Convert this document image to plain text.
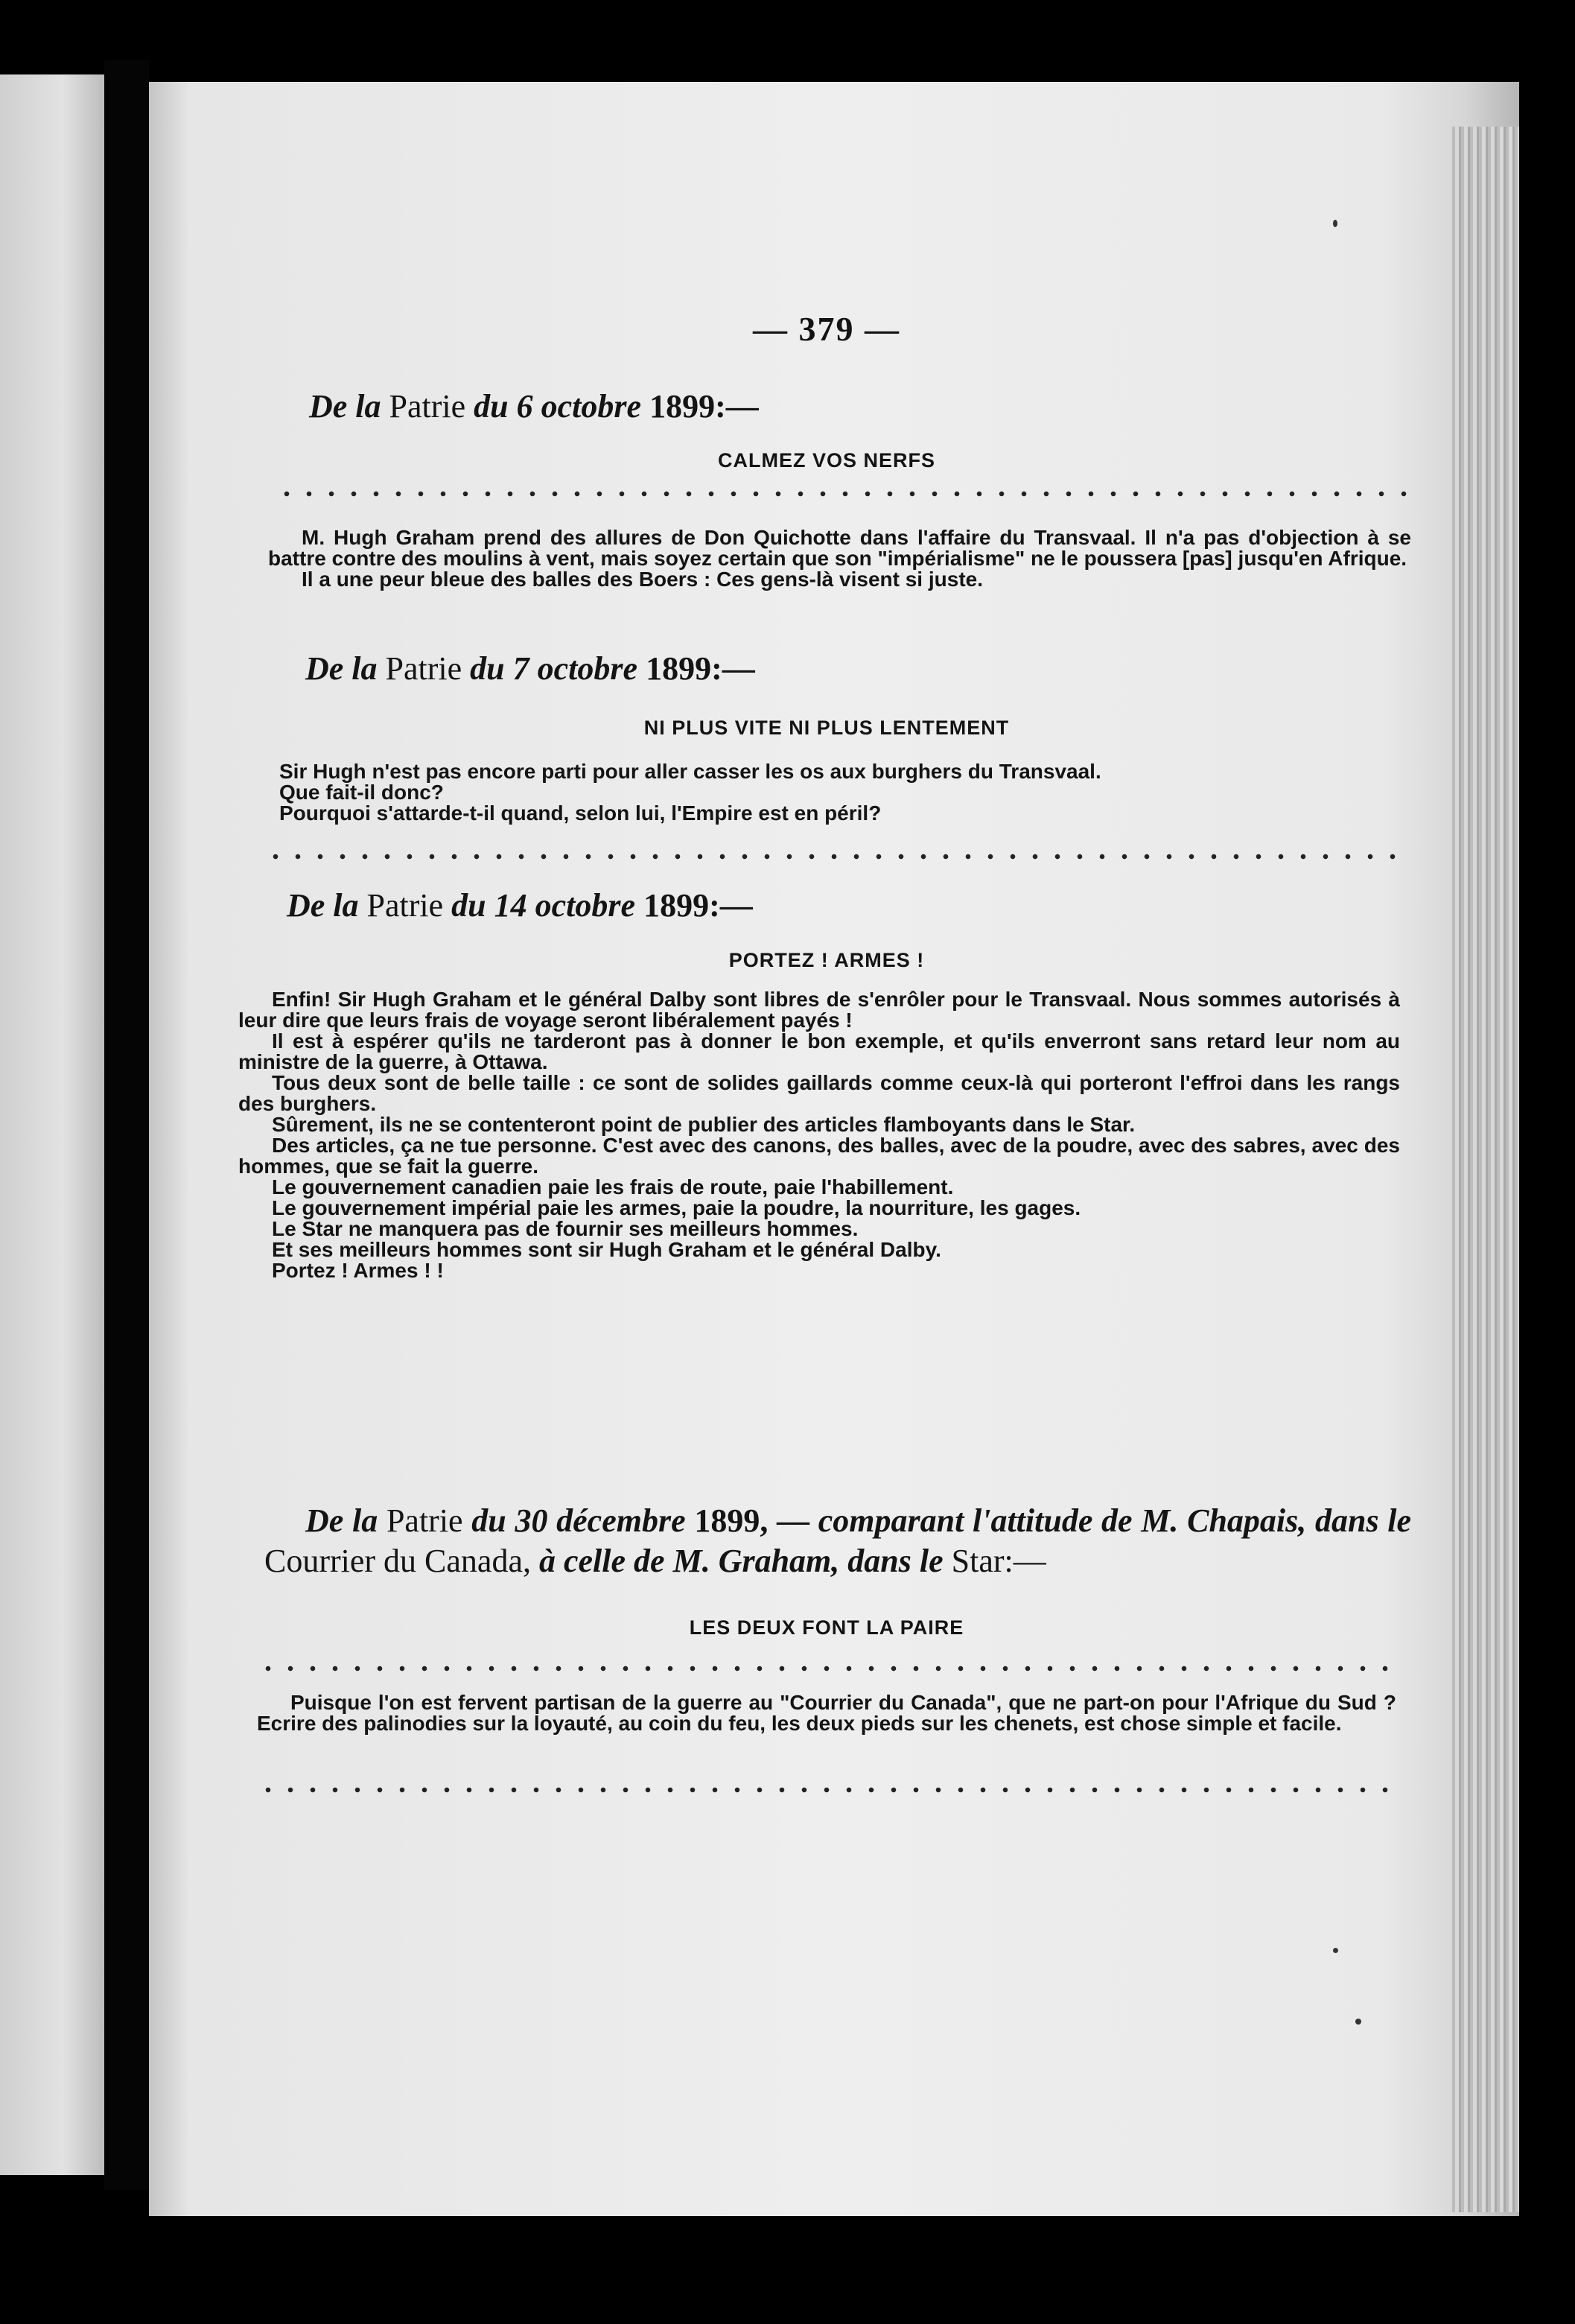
— 379 —
De la Patrie du 6 octobre 1899:—
CALMEZ VOS NERFS

M. Hugh Graham prend des allures de Don Quichotte dans l'affaire du Transvaal. Il n'a pas d'objection à se battre contre des moulins à vent, mais soyez certain que son "impérialisme" ne le poussera [pas] jusqu'en Afrique.

Il a une peur bleue des balles des Boers : Ces gens-là visent si juste.

De la Patrie du 7 octobre 1899:—
NI PLUS VITE NI PLUS LENTEMENT

Sir Hugh n'est pas encore parti pour aller casser les os aux burghers du Transvaal.

Que fait-il donc?

Pourquoi s'attarde-t-il quand, selon lui, l'Empire est en péril?

De la Patrie du 14 octobre 1899:—
PORTEZ ! ARMES !

Enfin! Sir Hugh Graham et le général Dalby sont libres de s'enrôler pour le Transvaal. Nous sommes autorisés à leur dire que leurs frais de voyage seront libéralement payés !

Il est à espérer qu'ils ne tarderont pas à donner le bon exemple, et qu'ils enverront sans retard leur nom au ministre de la guerre, à Ottawa.

Tous deux sont de belle taille : ce sont de solides gaillards comme ceux-là qui porteront l'effroi dans les rangs des burghers.

Sûrement, ils ne se contenteront point de publier des articles flamboyants dans le Star.

Des articles, ça ne tue personne. C'est avec des canons, des balles, avec de la poudre, avec des sabres, avec des hommes, que se fait la guerre.

Le gouvernement canadien paie les frais de route, paie l'habillement.

Le gouvernement impérial paie les armes, paie la poudre, la nourriture, les gages.

Le Star ne manquera pas de fournir ses meilleurs hommes.

Et ses meilleurs hommes sont sir Hugh Graham et le général Dalby.

Portez ! Armes ! !

De la Patrie du 30 décembre 1899, — comparant l'attitude de M. Chapais, dans le Courrier du Canada, à celle de M. Graham, dans le Star:—
LES DEUX FONT LA PAIRE

Puisque l'on est fervent partisan de la guerre au "Courrier du Canada", que ne part-on pour l'Afrique du Sud ? Ecrire des palinodies sur la loyauté, au coin du feu, les deux pieds sur les chenets, est chose simple et facile.
